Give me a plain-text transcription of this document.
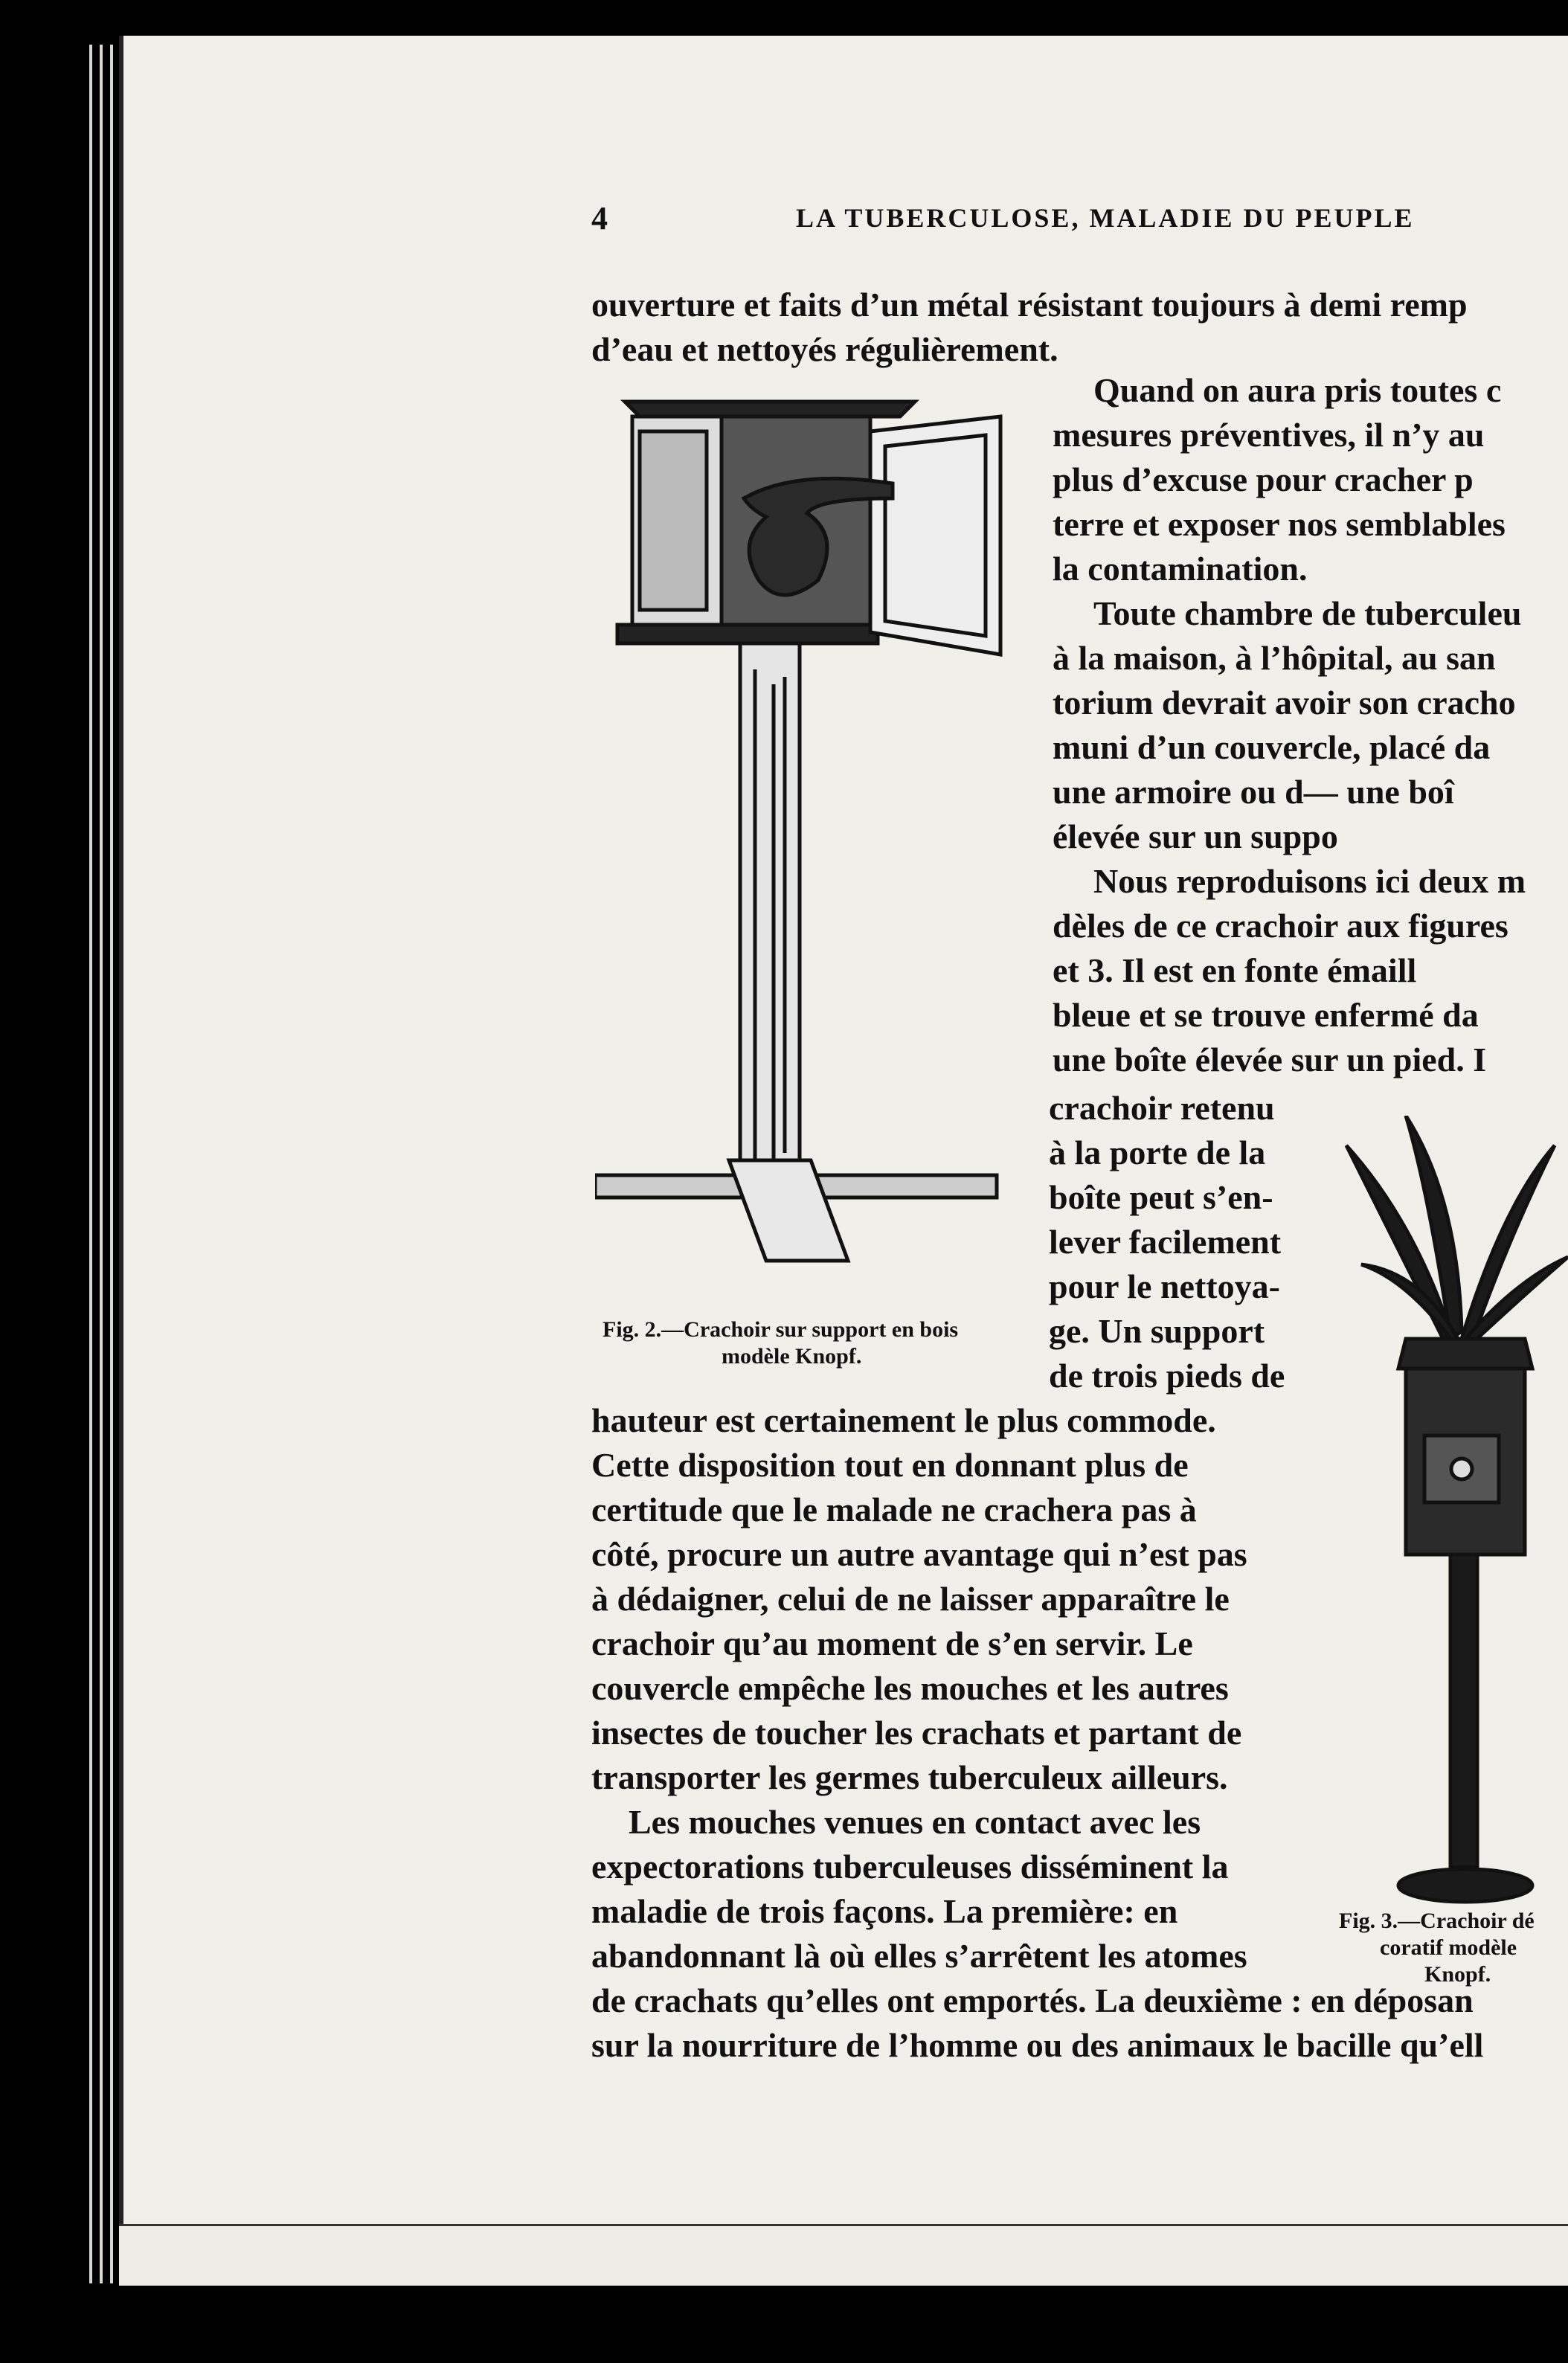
4	LA TUBERCULOSE, MALADIE DU PEUPLE
ouverture et faits d’un métal résistant toujours à demi remp
d’eau et nettoyés régulièrement.
Quand on aura pris toutes c
mesures préventives, il n’y au
plus d’excuse pour cracher p
terre et exposer nos semblables
la contamination.
Toute chambre de tuberculeu
à la maison, à l’hôpital, au san
torium devrait avoir son cracho
muni d’un couvercle, placé da
une armoire ou d— une boî
élevée sur un suppo
Nous reproduisons ici deux m
dèles de ce crachoir aux figures
et 3. Il est en fonte émaill
bleue et se trouve enfermé da
une boîte élevée sur un pied. I
crachoir retenu
à la porte de la
boîte peut s’en-
lever facilement
pour le nettoya-
ge. Un support
de trois pieds de
hauteur est certainement le plus commode.
Cette disposition tout en donnant plus de
certitude que le malade ne crachera pas à
côté, procure un autre avantage qui n’est pas
à dédaigner, celui de ne laisser apparaître le
crachoir qu’au moment de s’en servir. Le
couvercle empêche les mouches et les autres
insectes de toucher les crachats et partant de
transporter les germes tuberculeux ailleurs.
Les mouches venues en contact avec les
expectorations tuberculeuses disséminent la
maladie de trois façons. La première: en
abandonnant là où elles s’arrêtent les atomes
de crachats qu’elles ont emportés. La deuxième : en déposan
sur la nourriture de l’homme ou des animaux le bacille qu’ell
Fig. 2.—Crachoir sur support en bois
modèle Knopf.
Fig. 3.—Crachoir dé
coratif modèle
Knopf.
